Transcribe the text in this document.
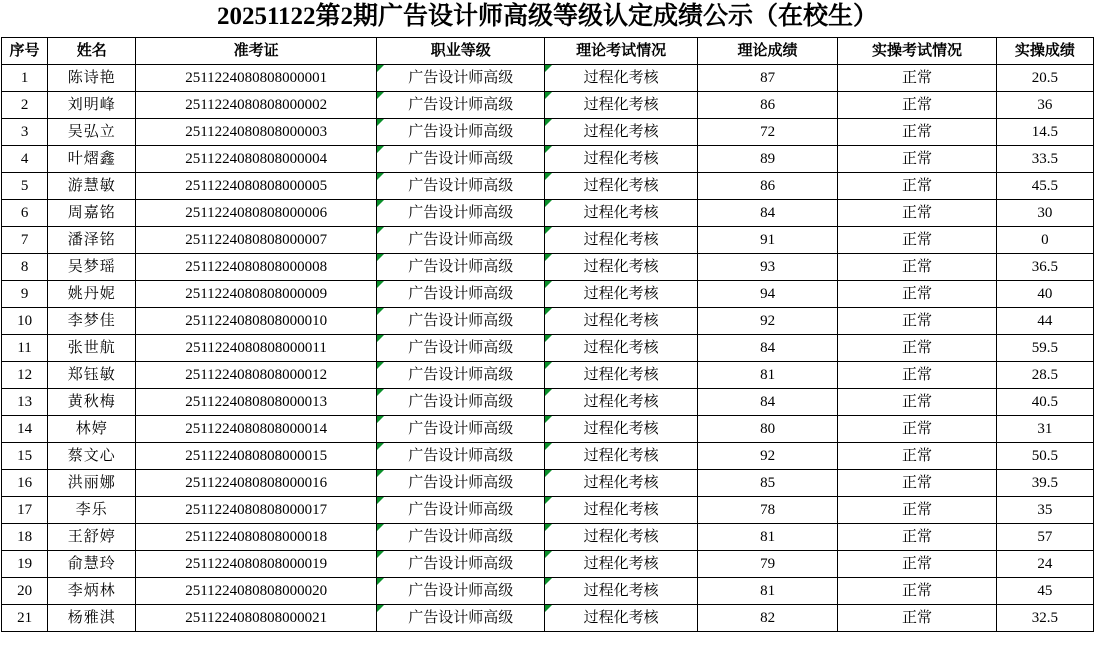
20251122第2期广告设计师高级等级认定成绩公示（在校生）
序号	姓名	准考证	职业等级	理论考试情况	理论成绩	实操考试情况	实操成绩
1	陈诗艳	2511224080808000001	广告设计师高级	过程化考核	87	正常	20.5
2	刘明峰	2511224080808000002	广告设计师高级	过程化考核	86	正常	36
3	吴弘立	2511224080808000003	广告设计师高级	过程化考核	72	正常	14.5
4	叶熠鑫	2511224080808000004	广告设计师高级	过程化考核	89	正常	33.5
5	游慧敏	2511224080808000005	广告设计师高级	过程化考核	86	正常	45.5
6	周嘉铭	2511224080808000006	广告设计师高级	过程化考核	84	正常	30
7	潘泽铭	2511224080808000007	广告设计师高级	过程化考核	91	正常	0
8	吴梦瑶	2511224080808000008	广告设计师高级	过程化考核	93	正常	36.5
9	姚丹妮	2511224080808000009	广告设计师高级	过程化考核	94	正常	40
10	李梦佳	2511224080808000010	广告设计师高级	过程化考核	92	正常	44
11	张世航	2511224080808000011	广告设计师高级	过程化考核	84	正常	59.5
12	郑钰敏	2511224080808000012	广告设计师高级	过程化考核	81	正常	28.5
13	黄秋梅	2511224080808000013	广告设计师高级	过程化考核	84	正常	40.5
14	林婷	2511224080808000014	广告设计师高级	过程化考核	80	正常	31
15	蔡文心	2511224080808000015	广告设计师高级	过程化考核	92	正常	50.5
16	洪丽娜	2511224080808000016	广告设计师高级	过程化考核	85	正常	39.5
17	李乐	2511224080808000017	广告设计师高级	过程化考核	78	正常	35
18	王舒婷	2511224080808000018	广告设计师高级	过程化考核	81	正常	57
19	俞慧玲	2511224080808000019	广告设计师高级	过程化考核	79	正常	24
20	李炳林	2511224080808000020	广告设计师高级	过程化考核	81	正常	45
21	杨雅淇	2511224080808000021	广告设计师高级	过程化考核	82	正常	32.5
